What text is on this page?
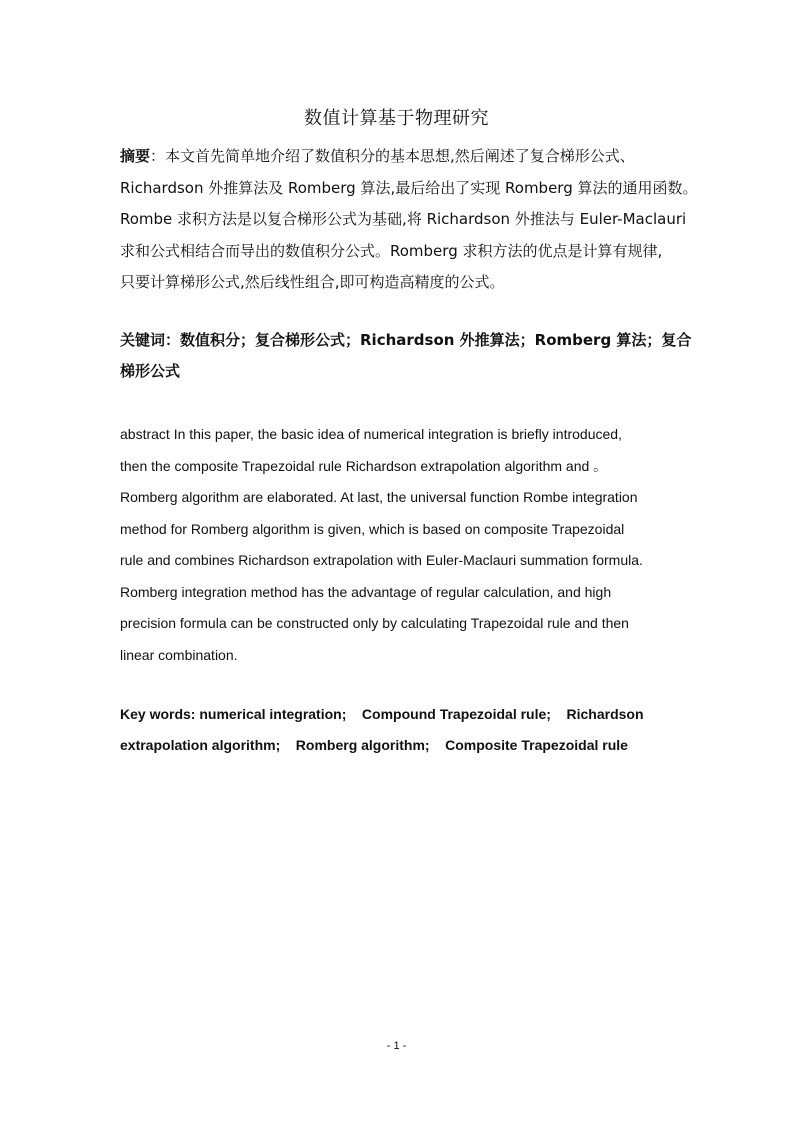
数值计算基于物理研究
摘要：本文首先简单地介绍了数值积分的基本思想,然后阐述了复合梯形公式、
Richardson 外推算法及 Romberg 算法,最后给出了实现 Romberg 算法的通用函数。
Rombe 求积方法是以复合梯形公式为基础,将 Richardson 外推法与 Euler-Maclauri
求和公式相结合而导出的数值积分公式。Romberg 求积方法的优点是计算有规律,
只要计算梯形公式,然后线性组合,即可构造高精度的公式。
关键词：数值积分；复合梯形公式；Richardson 外推算法；Romberg 算法；复合
梯形公式
abstract In this paper, the basic idea of numerical integration is briefly introduced,
then the composite Trapezoidal rule Richardson extrapolation algorithm and 。
Romberg algorithm are elaborated. At last, the universal function Rombe integration
method for Romberg algorithm is given, which is based on composite Trapezoidal
rule and combines Richardson extrapolation with Euler-Maclauri summation formula.
Romberg integration method has the advantage of regular calculation, and high
precision formula can be constructed only by calculating Trapezoidal rule and then
linear combination.
Key words: numerical integration;    Compound Trapezoidal rule;    Richardson
extrapolation algorithm;    Romberg algorithm;    Composite Trapezoidal rule
- 1 -
